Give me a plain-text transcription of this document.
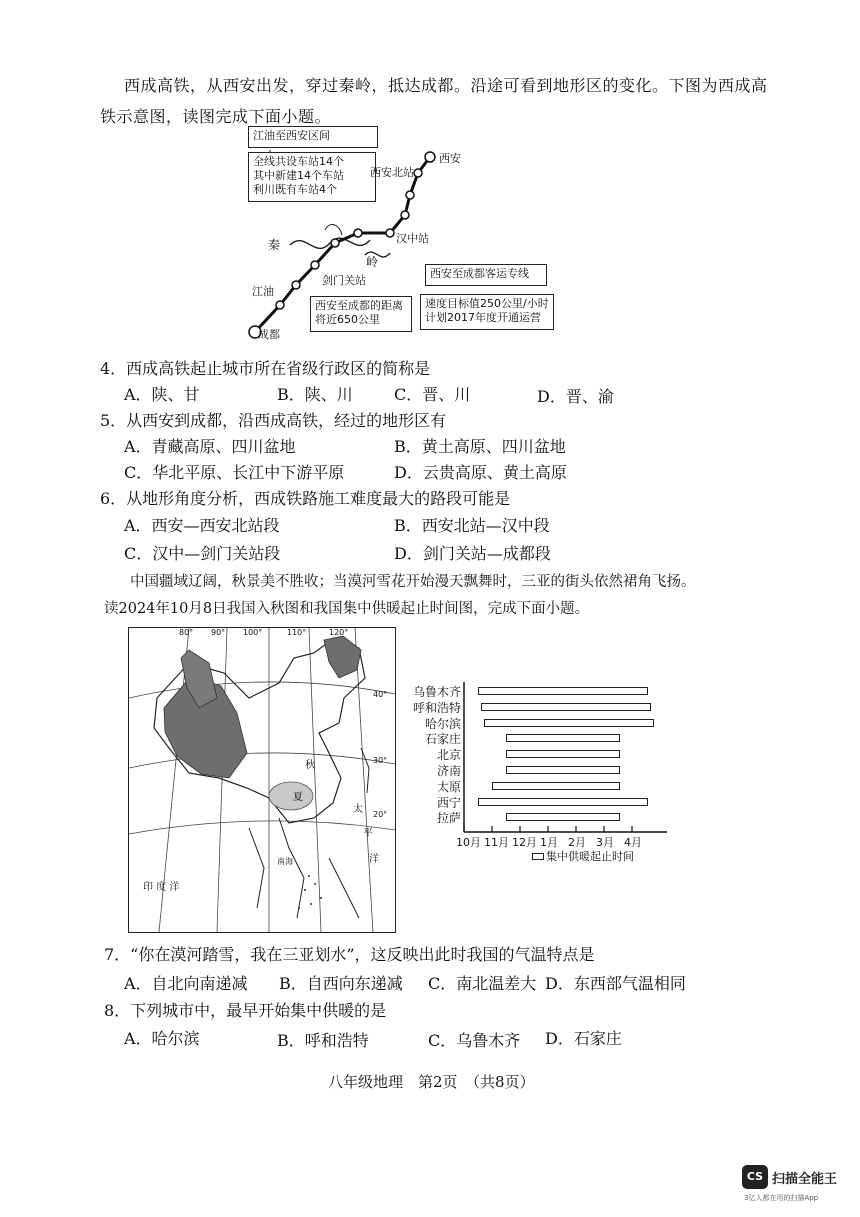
西成高铁，从西安出发，穿过秦岭，抵达成都。沿途可看到地形区的变化。下图为西成高
铁示意图，读图完成下面小题。
江油至西安区间
全线共设车站14个
其中新建14个车站
利川既有车站4个
西安至成都的距离
将近650公里
西安至成都客运专线
速度目标值250公里/小时
计划2017年度开通运营
西安
西安北站
汉中站
剑门关站
江油
成都
秦
岭
4．西成高铁起止城市所在省级行政区的简称是
A．陕、甘	B．陕、川	C．晋、川	D．晋、渝
5．从西安到成都，沿西成高铁，经过的地形区有
A．青藏高原、四川盆地	B．黄土高原、四川盆地
C．华北平原、长江中下游平原	D．云贵高原、黄土高原
6．从地形角度分析，西成铁路施工难度最大的路段可能是
A．西安—西安北站段	B．西安北站—汉中段
C．汉中—剑门关站段	D．剑门关站—成都段
中国疆域辽阔，秋景美不胜收；当漠河雪花开始漫天飘舞时，三亚的街头依然裙角飞扬。
读2024年10月8日我国入秋图和我国集中供暖起止时间图，完成下面小题。
80° 90° 100°	110°	120°
40°
30°
20°
秋
夏
太
平
洋
印 度 洋
南海
乌鲁木齐
呼和浩特
哈尔滨
石家庄
北京
济南
太原
西宁
拉萨
10月 11月 12月 1月 2月 3月 4月
集中供暖起止时间
7．“你在漠河踏雪，我在三亚划水”，这反映出此时我国的气温特点是
A．自北向南递减 B．自西向东递减 C．南北温差大 D．东西部气温相同
8．下列城市中，最早开始集中供暖的是
A．哈尔滨	B．呼和浩特	C．乌鲁木齐 D．石家庄
八年级地理　第2页　（共8页）
CS 扫描全能王
3亿人都在用的扫描App
